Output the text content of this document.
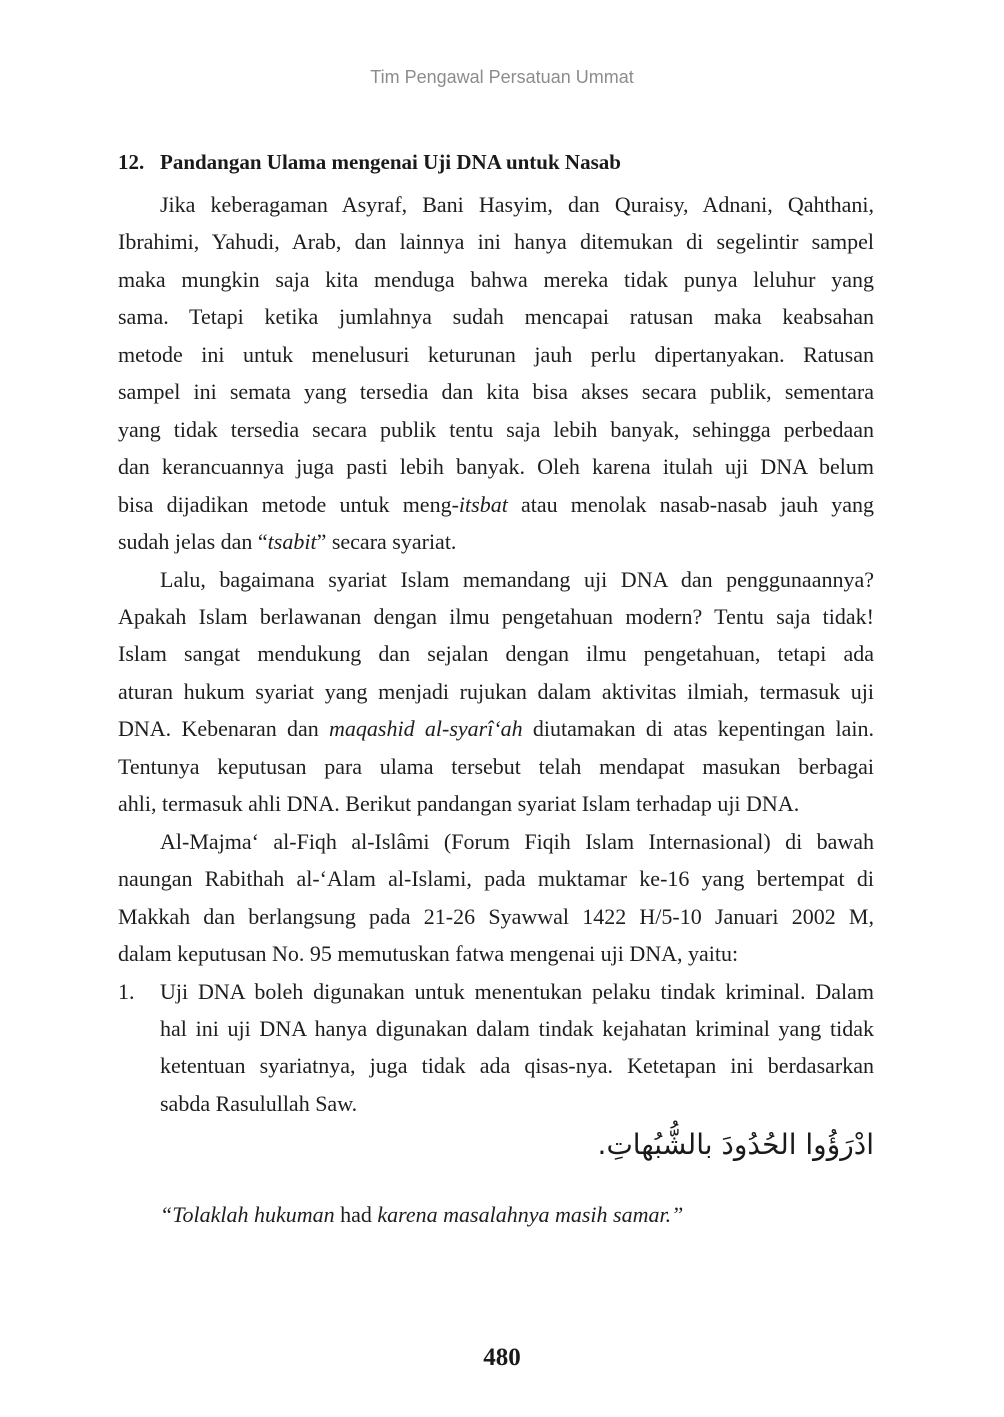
Tim Pengawal Persatuan Ummat
12. Pandangan Ulama mengenai Uji DNA untuk Nasab
Jika keberagaman Asyraf, Bani Hasyim, dan Quraisy, Adnani, Qahthani,
Ibrahimi, Yahudi, Arab, dan lainnya ini hanya ditemukan di segelintir sampel
maka mungkin saja kita menduga bahwa mereka tidak punya leluhur yang
sama. Tetapi ketika jumlahnya sudah mencapai ratusan maka keabsahan
metode ini untuk menelusuri keturunan jauh perlu dipertanyakan. Ratusan
sampel ini semata yang tersedia dan kita bisa akses secara publik, sementara
yang tidak tersedia secara publik tentu saja lebih banyak, sehingga perbedaan
dan kerancuannya juga pasti lebih banyak. Oleh karena itulah uji DNA belum
bisa dijadikan metode untuk meng-itsbat atau menolak nasab-nasab jauh yang
sudah jelas dan “tsabit” secara syariat.
Lalu, bagaimana syariat Islam memandang uji DNA dan penggunaannya?
Apakah Islam berlawanan dengan ilmu pengetahuan modern? Tentu saja tidak!
Islam sangat mendukung dan sejalan dengan ilmu pengetahuan, tetapi ada
aturan hukum syariat yang menjadi rujukan dalam aktivitas ilmiah, termasuk uji
DNA. Kebenaran dan maqashid al-syarî‘ah diutamakan di atas kepentingan lain.
Tentunya keputusan para ulama tersebut telah mendapat masukan berbagai
ahli, termasuk ahli DNA. Berikut pandangan syariat Islam terhadap uji DNA.
Al-Majma‘ al-Fiqh al-Islâmi (Forum Fiqih Islam Internasional) di bawah
naungan Rabithah al-‘Alam al-Islami, pada muktamar ke-16 yang bertempat di
Makkah dan berlangsung pada 21-26 Syawwal 1422 H/5-10 Januari 2002 M,
dalam keputusan No. 95 memutuskan fatwa mengenai uji DNA, yaitu:
1. Uji DNA boleh digunakan untuk menentukan pelaku tindak kriminal. Dalam
hal ini uji DNA hanya digunakan dalam tindak kejahatan kriminal yang tidak
ketentuan syariatnya, juga tidak ada qisas-nya. Ketetapan ini berdasarkan
sabda Rasulullah Saw.
ادْرَؤُوا الحُدُودَ بالشُّبُهاتِ.
“Tolaklah hukuman had karena masalahnya masih samar.”
480
